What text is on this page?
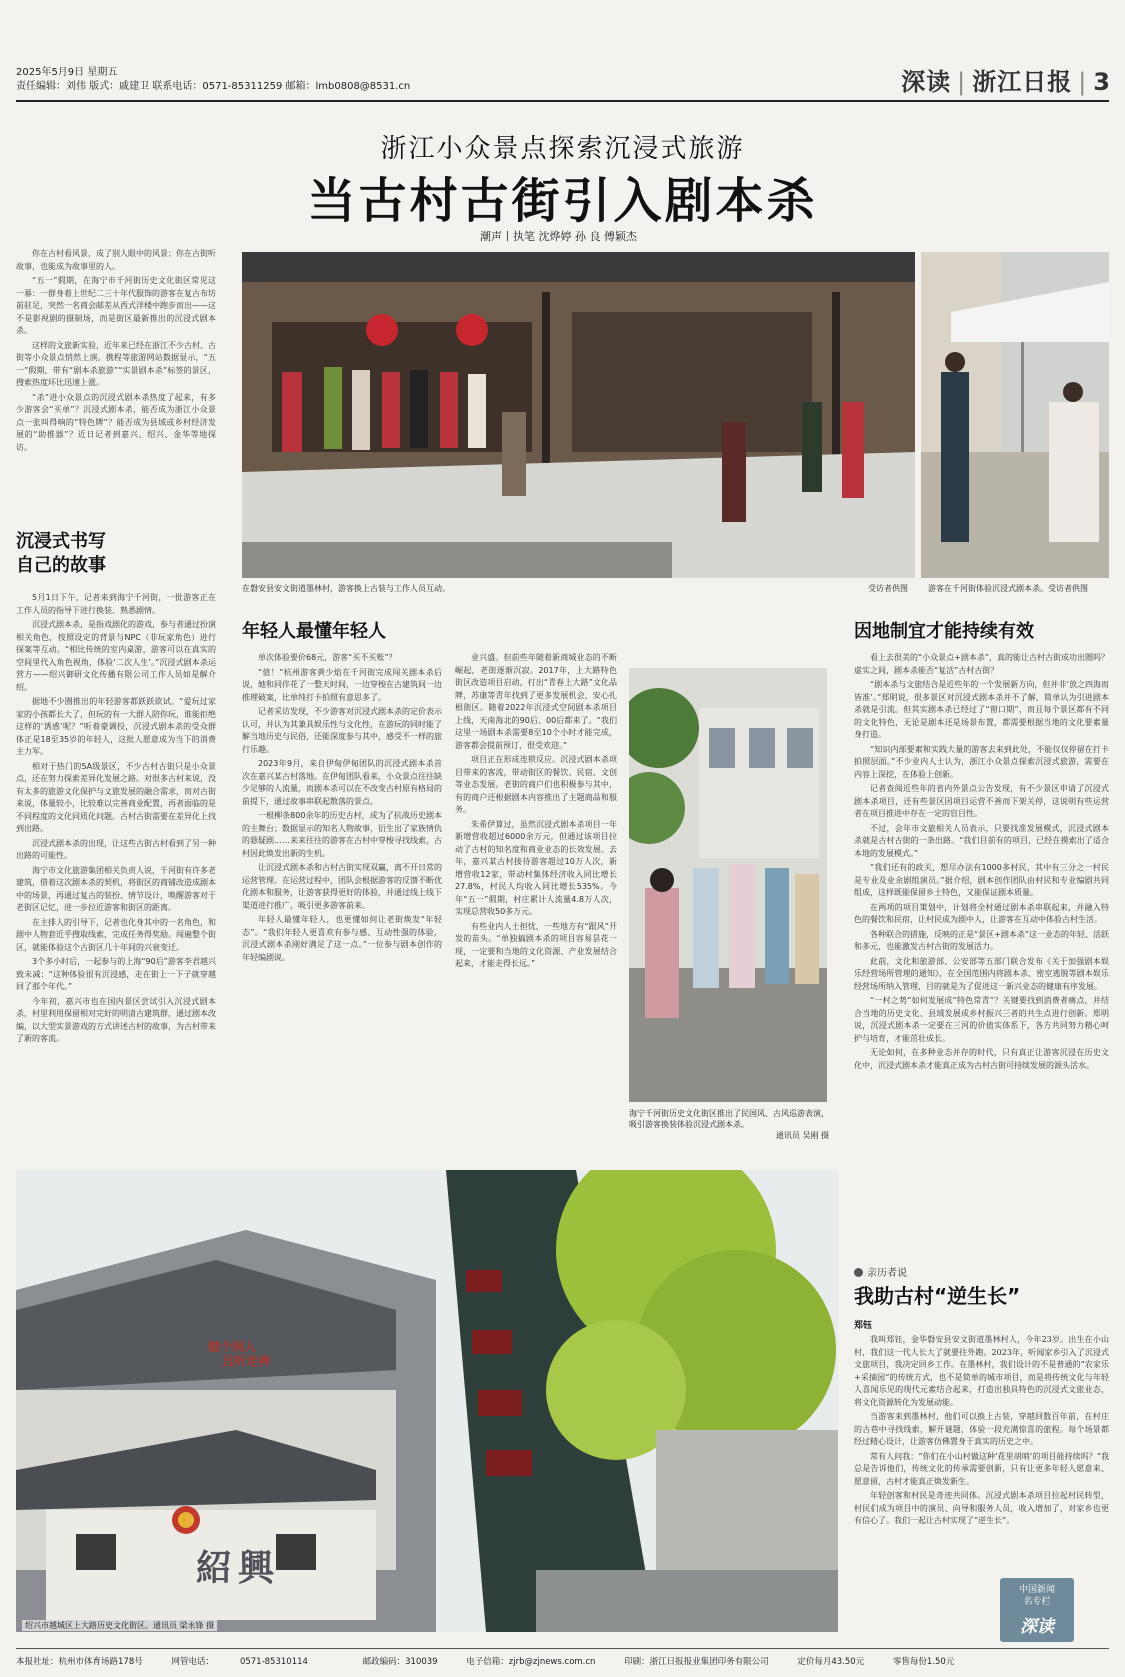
2025年5月9日 星期五
责任编辑：刘伟 版式：戚建卫 联系电话：0571-85311259 邮箱：lmb0808@8531.cn	深读 | 浙江日报 | 3
浙江小众景点探索沉浸式旅游
当古村古街引入剧本杀
潮声丨执笔 沈烨婷 孙 良 傅颖杰

你在古村看风景，成了别人眼中的风景；你在古街听故事，也能成为故事里的人。

“五一”假期，在海宁市千河街历史文化街区常见这一幕：一群身着上世纪二三十年代服饰的游客在复古布坊前驻足，突然一名商会邮差从西式洋楼中跑步而出——这不是影视剧的摄制场，而是街区最新推出的沉浸式剧本杀。

这样的文旅新实验，近年来已经在浙江不少古村、古街等小众景点悄然上演。携程等旅游网站数据显示，“五一”假期，带有“剧本杀旅游”“实景剧本杀”标签的景区，搜索热度环比迅速上涨。

“杀”进小众景点的沉浸式剧本杀热度了起来，有多少游客会“买单”？沉浸式剧本杀，能否成为浙江小众景点一张叫得响的“特色牌”？能否成为县域或乡村经济发展的“助推器”？近日记者到嘉兴、绍兴、金华等地探访。

沉浸式书写
自己的故事

5月1日下午，记者来到海宁千河街，一批游客正在工作人员的指导下进行换装、熟悉剧情。

沉浸式剧本杀，是指戏剧化的游戏，参与者通过扮演相关角色，按照设定的背景与NPC（非玩家角色）进行探案等互动。“相比传统的室内桌游，游客可以在真实的空间里代入角色视角，体验‘二次人生’。”沉浸式剧本杀运营方——绍兴御研文化传播有限公司工作人员如是解介绍。

据地不少圈推出的年轻游客都跃跃欲试。“爱玩过家家的小孩都长大了，但玩的有一大群人陪你玩，谁能拒绝这样的‘诱惑’呢？”听着豪调投，沉浸式剧本杀的受众群体正是18至35岁的年轻人，这批人愿意成为当下的消费主力军。

相对于热门的5A级景区，不少古村古街只是小众景点，还在努力探索差异化发展之路。对很多古村来说，没有太多的旅游文化保护与文旅发展的融合需求，而对古街来说，体量较小，比较难以完善商业配置，再者面临的是不同程度的文化同质化问题。古村古街需要在差异化上找到出路。

沉浸式剧本杀的出现，让这些古街古村看到了另一种出路的可能性。

海宁市文化旅游集团相关负责人说，千河街有许多老建筑，借着这次剧本杀的契机，将街区的商铺改造成剧本中的场景，再通过复古的装扮、情节设计，唤醒游客对于老街区记忆，进一步拉近游客和街区的距离。

在主排人的引导下，记者也化身其中的一名角色，和剧中人物套近乎搜取线索，完成任务得奖励。闯遍整个街区，就能体验这个古街区几十年间的兴衰变迁。

3个多小时后，一起参与的上海“90后”游客李君越兴致未减：“这种体验很有沉浸感，走在街上一下子就穿越回了那个年代。”

今年初，嘉兴市也在国内景区尝试引入沉浸式剧本杀，村里利用保留相对完好的明清古建筑群，通过剧本改编，以大型实景游戏的方式讲述古村的故事，为古村带来了新的客流。

在磐安县安文街道墨林村，游客换上古装与工作人员互动。	受访者供图	游客在千河街体验沉浸式剧本杀。受访者供图
年轻人最懂年轻人

单次体验要价68元，游客“买不买账”？

“值！”杭州游客黄少焰在千河街完成闯关剧本杀后说，她和同伴花了一整天时间，一边穿梭在古建筑间一边推理破案，比单纯打卡拍照有意思多了。

记者采访发现，不少游客对沉浸式剧本杀的定价表示认可，并认为其兼具娱乐性与文化性，在游玩的同时能了解当地历史与民俗，还能深度参与其中，感受不一样的旅行乐趣。

2023年9月，来自伊甸伊甸团队的沉浸式剧本杀首次在嘉兴某古村落地。在伊甸团队看来，小众景点往往缺少足够的人流量，而剧本杀可以在不改变古村原有格局的前提下，通过故事串联起散落的景点。

一根柳条800余年的历史古村，成为了抗战历史剧本的主舞台；数据显示的知名人物故事，衍生出了家族情仇的悬疑剧……来来往往的游客在古村中穿梭寻找线索，古村因此焕发出新的生机。

让沉浸式剧本杀和古村古街实现双赢，离不开日常的运营管理。在运营过程中，团队会根据游客的反馈不断优化剧本和服务，让游客获得更好的体验，并通过线上线下渠道进行推广，吸引更多游客前来。

年轻人最懂年轻人，也更懂如何让老街焕发“年轻态”。“我们年轻人更喜欢有参与感、互动性强的体验，沉浸式剧本杀刚好满足了这一点。”一位参与剧本创作的年轻编剧说。

业兴盛。但前些年随着新商城业态的不断崛起，老街逐渐沉寂。2017年，上大路特色街区改造项目启动，打出“青春上大路”文化品牌，苏康等青年找到了更多发展机会，安心扎根街区。随着2022年沉浸式空间剧本杀项目上线，天南海北的90后、00后都来了。“我们这里一场剧本杀需要8至10个小时才能完成，游客都会提前预订，很受欢迎。”

项目正在形成连锁反应。沉浸式剧本杀项目带来的客流，带动街区的餐饮、民宿、文创等业态发展。老街的商户们也积极参与其中，有的商户还根据剧本内容推出了主题商品和服务。

朱希伊算过，虽然沉浸式剧本杀项目一年新增营收超过6000余万元，但通过该项目拉动了古村的知名度和商业业态的长效发展。去年，嘉兴某古村接待游客超过10万人次，新增营收12家，带动村集体经济收入同比增长27.8%，村民人均收入同比增长535%。今年“五一”假期，村庄累计人流量4.8万人次，实现总营收50多万元。

有些业内人士担忧，一些地方有“跟风”开发的苗头。“单独搞剧本杀的项目容易昙花一现，一定要和当地的文化资源、产业发展结合起来，才能走得长远。”

海宁千河街历史文化街区推出了民国风、古风巡游表演，吸引游客换装体验沉浸式剧本杀。

通讯员 吴刚 摄
因地制宜才能持续有效

看上去很美的“小众景点+剧本杀”，真的能让古村古街成功出圈吗？虚实之间，剧本杀能否“复活”古村古街？

“剧本杀与文旅结合是近些年的一个发展新方向，但并非‘放之四海而皆准’。”郑明说，很多景区对沉浸式剧本杀并不了解，简单认为引进剧本杀就是引流。但其实剧本杀已经过了“窗口期”，而且每个景区都有不同的文化特色，无论是剧本还是场景布置，都需要根据当地的文化要素量身打造。

“知识内部要素和实践大量的游客去来到此处，不能仅仅停留在打卡拍照层面。”不少业内人士认为，浙江小众景点探索沉浸式旅游，需要在内容上深挖，在体验上创新。

记者查阅近些年的省内外景点公告发现，有不少景区申请了沉浸式剧本杀项目，还有些景区因项目运营不善而下架关停，这说明有些运营者在项目推进中存在一定的盲目性。

不过，会年市文旅相关人员表示，只要找准发展模式，沉浸式剧本杀就是古村古街的一条出路。“我们目前有的项目，已经在摸索出了适合本地的发展模式。”

“我们还有的政关，想尽办法有1000多村民，其中有三分之一村民是专业及业余剧组演员。”据介绍，剧本创作团队由村民和专业编剧共同组成，这样既能保留乡土特色，又能保证剧本质量。

在两项的项目策划中，计划将全村通过剧本杀串联起来，并融入特色的餐饮和民宿，让村民成为剧中人，让游客在互动中体验古村生活。

各种联合的措施，反映的正是“景区+剧本杀”这一业态的年轻、活跃和多元，也能激发古村古街的发展活力。

此前，文化和旅游部、公安部等五部门联合发布《关于加强剧本娱乐经营场所管理的通知》，在全国范围内将剧本杀、密室逃脱等剧本娱乐经营场所纳入管理，目的就是为了促进这一新兴业态的健康有序发展。

“一村之势”如何发展成“特色常青”？关键要找到消费者痛点，并结合当地的历史文化、县域发展成乡村振兴三者的共生点进行创新。郑明说，沉浸式剧本杀一定要在三河的价值实体系下，各方共同努力精心呵护与培育，才能茁壮成长。

无论如何，在多种业态并存的时代，只有真正让游客沉浸在历史文化中，沉浸式剧本杀才能真正成为古村古街可持续发展的源头活水。

做个闲人
且听走神
紹興
绍兴市越城区上大路历史文化街区。通讯员 梁永锋 摄
亲历者说
我助古村“逆生长”
郑钰

我叫郑钰，金华磐安县安文街道墨林村人，今年23岁。出生在小山村，我们这一代人长大了就要往外跑。2023年，听闻家乡引入了沉浸式文旅项目，我决定回乡工作。在墨林村，我们设计的不是普通的“农家乐+采摘园”的传统方式，也不是简单的城市项目，而是将传统文化与年轻人喜闻乐见的现代元素结合起来，打造出独具特色的沉浸式文旅业态，将文化资源转化为发展动能。

当游客来到墨林村，他们可以换上古装，穿越回数百年前，在村庄的古巷中寻找线索，解开谜题，体验一段充满惊喜的旅程。每个场景都经过精心设计，让游客仿佛置身于真实的历史之中。

常有人问我：“你们在小山村做这种‘花里胡哨’的项目能持续吗？”我总是告诉他们，传统文化的传承需要创新，只有让更多年轻人愿意来、愿意留，古村才能真正焕发新生。

年轻创客和村民是奇迹共同体。沉浸式剧本杀项目拉起村民转型，村民们成为项目中的演员、向导和服务人员，收入增加了，对家乡也更有信心了。我们一起让古村实现了“逆生长”。

中国新闻
名专栏
深读
本报社址：杭州市体育场路178号	网管电话：	0571-85310114	邮政编码：310039	电子信箱：zjrb@zjnews.com.cn	印刷：浙江日报报业集团印务有限公司	定价每月43.50元	零售每份1.50元
